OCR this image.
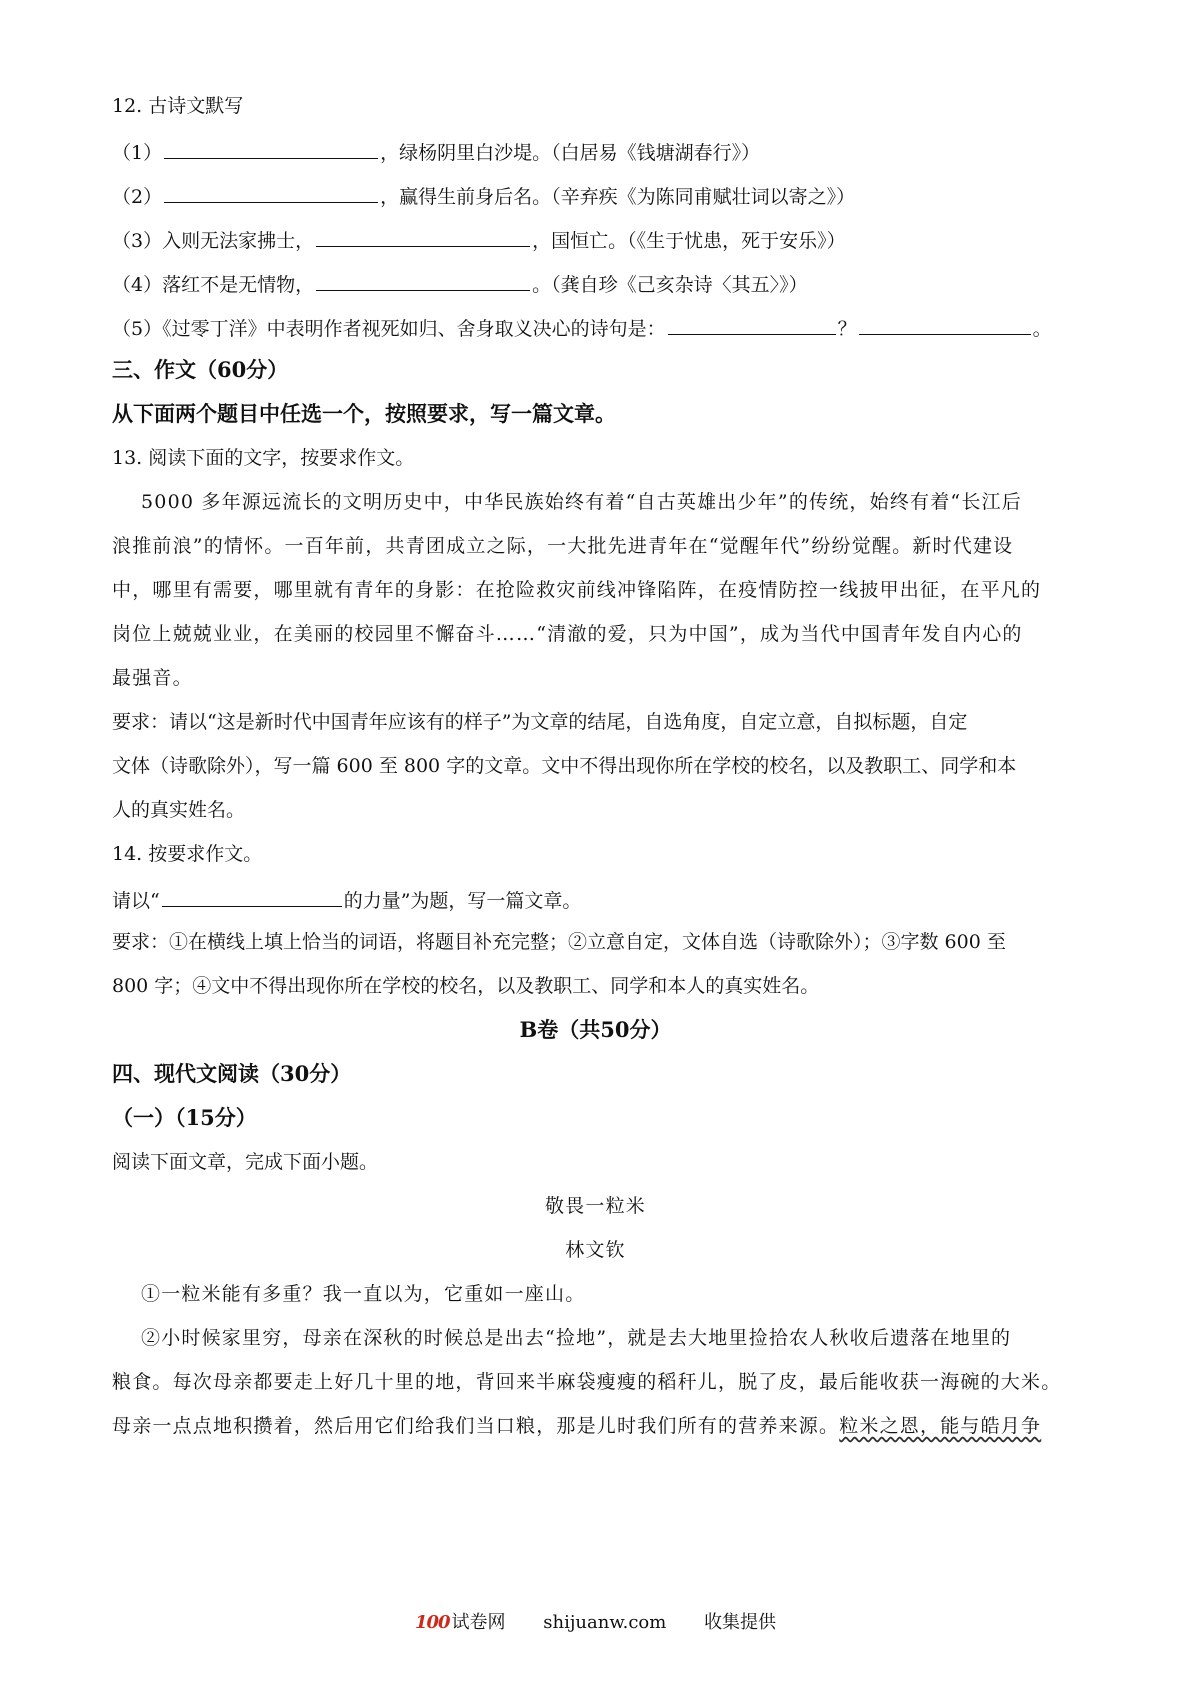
12. 古诗文默写
（1）	，绿杨阴里白沙堤。（白居易《钱塘湖春行》）
（2）	，赢得生前身后名。（辛弃疾《为陈同甫赋壮词以寄之》）
（3）入则无法家拂士，	，国恒亡。（《生于忧患，死于安乐》）
（4）落红不是无情物，	。（龚自珍《己亥杂诗〈其五〉》）
（5）《过零丁洋》中表明作者视死如归、舍身取义决心的诗句是：	？	。
三、作文（60分）
从下面两个题目中任选一个，按照要求，写一篇文章。
13. 阅读下面的文字，按要求作文。
5000 多年源远流长的文明历史中，中华民族始终有着“自古英雄出少年”的传统，始终有着“长江后
浪推前浪”的情怀。一百年前，共青团成立之际，一大批先进青年在“觉醒年代”纷纷觉醒。新时代建设
中，哪里有需要，哪里就有青年的身影：在抢险救灾前线冲锋陷阵，在疫情防控一线披甲出征，在平凡的
岗位上兢兢业业，在美丽的校园里不懈奋斗……“清澈的爱，只为中国”，成为当代中国青年发自内心的
最强音。
要求：请以“这是新时代中国青年应该有的样子”为文章的结尾，自选角度，自定立意，自拟标题，自定
文体（诗歌除外），写一篇 600 至 800 字的文章。文中不得出现你所在学校的校名，以及教职工、同学和本
人的真实姓名。
14. 按要求作文。
请以“	的力量”为题，写一篇文章。
要求：①在横线上填上恰当的词语，将题目补充完整；②立意自定，文体自选（诗歌除外）；③字数 600 至
800 字；④文中不得出现你所在学校的校名，以及教职工、同学和本人的真实姓名。
B卷（共50分）
四、现代文阅读（30分）
（一）（15分）
阅读下面文章，完成下面小题。
敬畏一粒米
林文钦
①一粒米能有多重？我一直以为，它重如一座山。
②小时候家里穷，母亲在深秋的时候总是出去“捡地”，就是去大地里捡拾农人秋收后遗落在地里的
粮食。每次母亲都要走上好几十里的地，背回来半麻袋瘦瘦的稻秆儿，脱了皮，最后能收获一海碗的大米。
母亲一点点地积攒着，然后用它们给我们当口粮，那是儿时我们所有的营养来源。粒米之恩，能与皓月争
100 试卷网 shijuanw.com 收集提供
